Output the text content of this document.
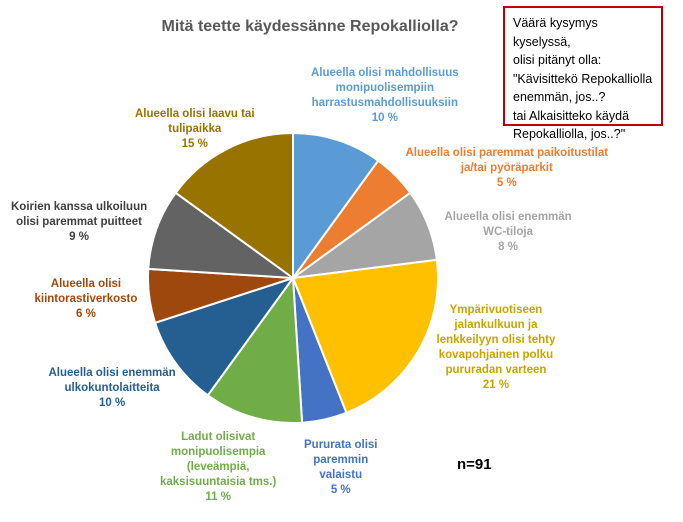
Mitä teette käydessänne Repokalliolla?
Alueella olisi mahdollisuus
monipuolisempiin
harrastusmahdollisuuksiin
10 %
Alueella olisi paremmat paikoitustilat
ja/tai pyöräparkit
5 %
Alueella olisi enemmän
WC-tiloja
8 %
Ympärivuotiseen
jalankulkuun ja
lenkkeilyyn olisi tehty
kovapohjainen polku
pururadan varteen
21 %
Pururata olisi
paremmin
valaistu
5 %
Ladut olisivat
monipuolisempia
(leveämpiä,
kaksisuuntaisia tms.)
11 %
Alueella olisi enemmän
ulkokuntolaitteita
10 %
Alueella olisi
kiintorastiverkosto
6 %
Koirien kanssa ulkoiluun
olisi paremmat puitteet
9 %
Alueella olisi laavu tai
tulipaikka
15 %
Väärä kysymys kyselyssä,
olisi pitänyt olla:
"Kävisittekö Repokalliolla
enemmän, jos..?
tai Alkaisitteko käydä
Repokalliolla, jos..?"
n=91
